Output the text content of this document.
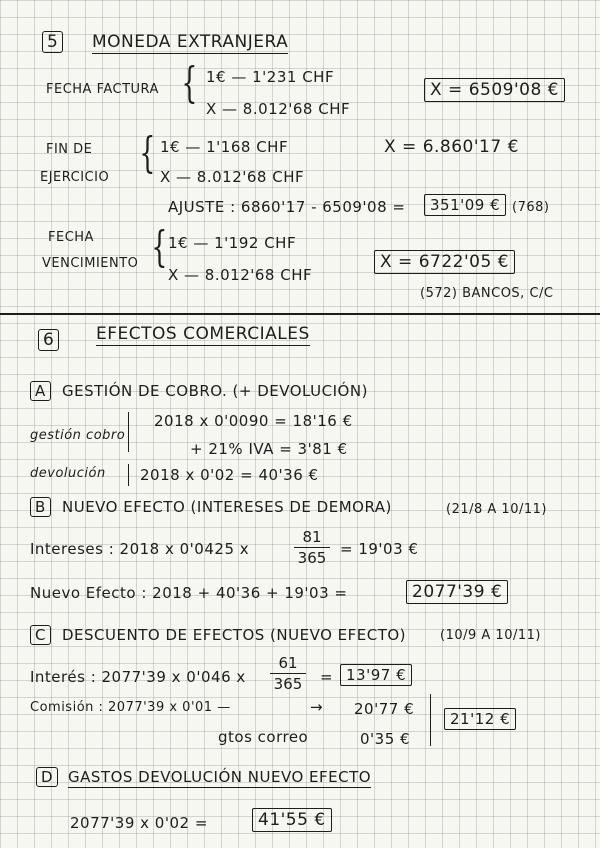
5 MONEDA EXTRANJERA
FECHA FACTURA { 1€ — 1'231 CHF
X — 8.012'68 CHF
X = 6509'08 €
FIN DE
EJERCICIO
{ 1€ — 1'168 CHF
X — 8.012'68 CHF
X = 6.860'17 €
AJUSTE : 6860'17 - 6509'08 =	351'09 € (768)
FECHA
VENCIMIENTO { 1€ — 1'192 CHF
X — 8.012'68 CHF
X = 6722'05 €
(572) BANCOS, C/C
6 EFECTOS COMERCIALES
A	GESTIÓN DE COBRO. (+ DEVOLUCIÓN)
gestión cobro
2018 x 0'0090 = 18'16 €
+ 21% IVA = 3'81 €
devolución 2018 x 0'02 = 40'36 €
B	NUEVO EFECTO (INTERESES DE DEMORA)	(21/8 A 10/11)
Intereses : 2018 x 0'0425 x
81
365 = 19'03 €
Nuevo Efecto : 2018 + 40'36 + 19'03 =	2077'39 €
C	DESCUENTO DE EFECTOS (NUEVO EFECTO)	(10/9 A 10/11)
Interés : 2077'39 x 0'046 x
61
365 = 13'97 €
Comisión : 2077'39 x 0'01 —	→ 20'77 €
gtos correo	0'35 €
21'12 €
D GASTOS DEVOLUCIÓN NUEVO EFECTO
2077'39 x 0'02 =	41'55 €
